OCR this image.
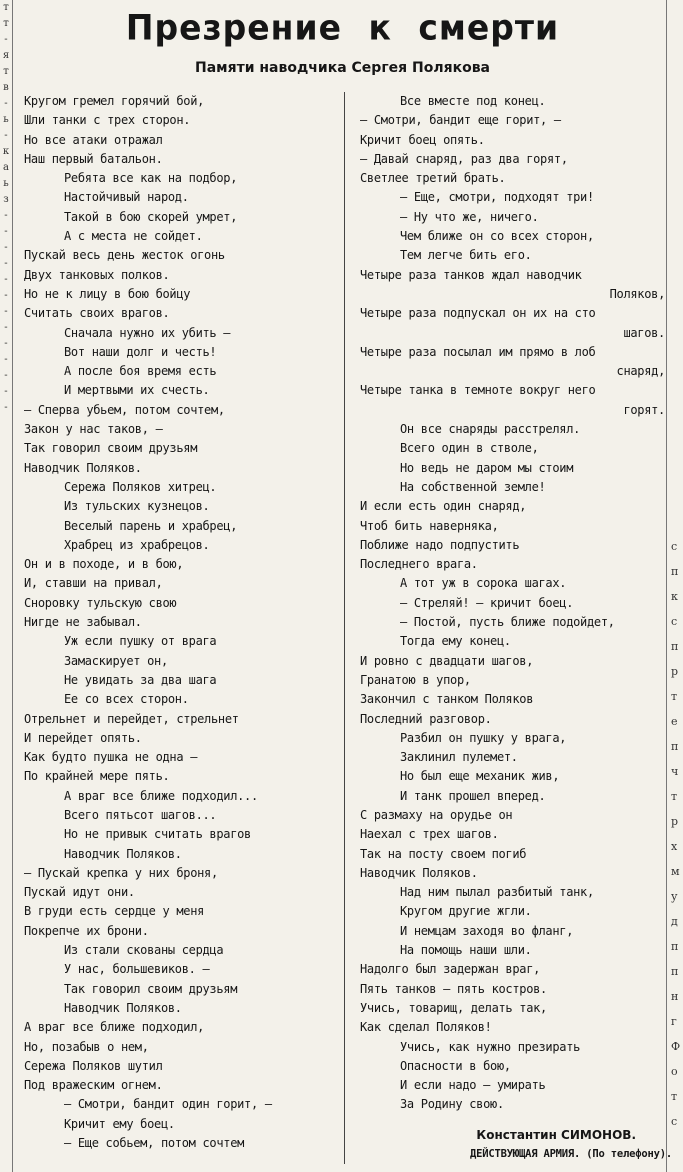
т
т
-
я
т
в
-
ь
-
к
а
ь
з
-
-
-
-
-
-
-
-
-
-
-
-
-
с
п
к
с
п
р
т
е
п
ч
т
р
х
м
у
д
п
п
н
г
Ф
о
т
с
Презрение к смерти
Памяти наводчика Сергея Полякова
Кругом гремел горячий бой,
Шли танки с трех сторон.
Но все атаки отражал
Наш первый батальон.
Ребята все как на подбор,
Настойчивый народ.
Такой в бою скорей умрет,
А с места не сойдет.
Пускай весь день жесток огонь
Двух танковых полков.
Но не к лицу в бою бойцу
Считать своих врагов.
Сначала нужно их убить —
Вот наши долг и честь!
А после боя время есть
И мертвыми их счесть.
— Сперва убьем, потом сочтем,
Закон у нас таков, —
Так говорил своим друзьям
Наводчик Поляков.
Сережа Поляков хитрец.
Из тульских кузнецов.
Веселый парень и храбрец,
Храбрец из храбрецов.
Он и в походе, и в бою,
И, ставши на привал,
Сноровку тульскую свою
Нигде не забывал.
Уж если пушку от врага
Замаскирует он,
Не увидать за два шага
Ее со всех сторон.
Отрельнет и перейдет, стрельнет
И перейдет опять.
Как будто пушка не одна —
По крайней мере пять.
А враг все ближе подходил...
Всего пятьсот шагов...
Но не привык считать врагов
Наводчик Поляков.
— Пускай крепка у них броня,
Пускай идут они.
В груди есть сердце у меня
Покрепче их брони.
Из стали скованы сердца
У нас, большевиков. —
Так говорил своим друзьям
Наводчик Поляков.
А враг все ближе подходил,
Но, позабыв о нем,
Сережа Поляков шутил
Под вражеским огнем.
— Смотри, бандит один горит, —
Кричит ему боец.
— Еще собьем, потом сочтем
Все вместе под конец.
— Смотри, бандит еще горит, —
Кричит боец опять.
— Давай снаряд, раз два горят,
Светлее третий брать.
— Еще, смотри, подходят три!
— Ну что же, ничего.
Чем ближе он со всех сторон,
Тем легче бить его.
Четыре раза танков ждал наводчик
Поляков,
Четыре раза подпускал он их на сто
шагов.
Четыре раза посылал им прямо в лоб
снаряд,
Четыре танка в темноте вокруг него
горят.
Он все снаряды расстрелял.
Всего один в стволе,
Но ведь не даром мы стоим
На собственной земле!
И если есть один снаряд,
Чтоб бить наверняка,
Поближе надо подпустить
Последнего врага.
А тот уж в сорока шагах.
— Стреляй! — кричит боец.
— Постой, пусть ближе подойдет,
Тогда ему конец.
И ровно с двадцати шагов,
Гранатою в упор,
Закончил с танком Поляков
Последний разговор.
Разбил он пушку у врага,
Заклинил пулемет.
Но был еще механик жив,
И танк прошел вперед.
С размаху на орудье он
Наехал с трех шагов.
Так на посту своем погиб
Наводчик Поляков.
Над ним пылал разбитый танк,
Кругом другие жгли.
И немцам заходя во фланг,
На помощь наши шли.
Надолго был задержан враг,
Пять танков — пять костров.
Учись, товарищ, делать так,
Как сделал Поляков!
Учись, как нужно презирать
Опасности в бою,
И если надо — умирать
За Родину свою.
Константин СИМОНОВ.
ДЕЙСТВУЮЩАЯ АРМИЯ. (По телефону).
